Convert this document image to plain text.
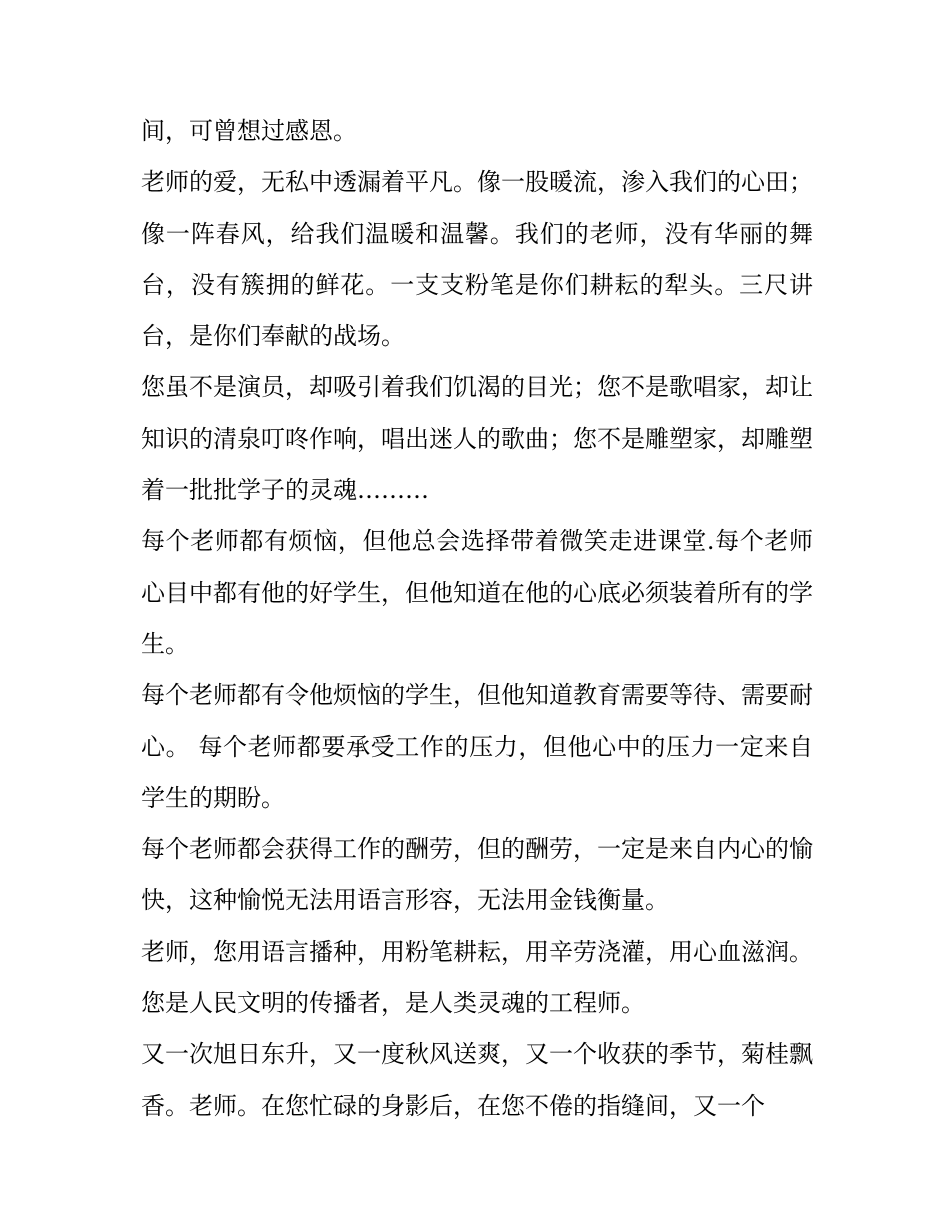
间，可曾想过感恩。

老师的爱，无私中透漏着平凡。像一股暖流，渗入我们的心田；像一阵春风，给我们温暖和温馨。我们的老师，没有华丽的舞台，没有簇拥的鲜花。一支支粉笔是你们耕耘的犁头。三尺讲台，是你们奉献的战场。

您虽不是演员，却吸引着我们饥渴的目光；您不是歌唱家，却让知识的清泉叮咚作响，唱出迷人的歌曲；您不是雕塑家，却雕塑着一批批学子的灵魂………

每个老师都有烦恼，但他总会选择带着微笑走进课堂.每个老师心目中都有他的好学生，但他知道在他的心底必须装着所有的学生。

每个老师都有令他烦恼的学生，但他知道教育需要等待、需要耐心。 每个老师都要承受工作的压力，但他心中的压力一定来自学生的期盼。

每个老师都会获得工作的酬劳，但的酬劳，一定是来自内心的愉快，这种愉悦无法用语言形容，无法用金钱衡量。

老师，您用语言播种，用粉笔耕耘，用辛劳浇灌，用心血滋润。您是人民文明的传播者，是人类灵魂的工程师。

又一次旭日东升，又一度秋风送爽，又一个收获的季节，菊桂飘香。老师。在您忙碌的身影后，在您不倦的指缝间，又一个
